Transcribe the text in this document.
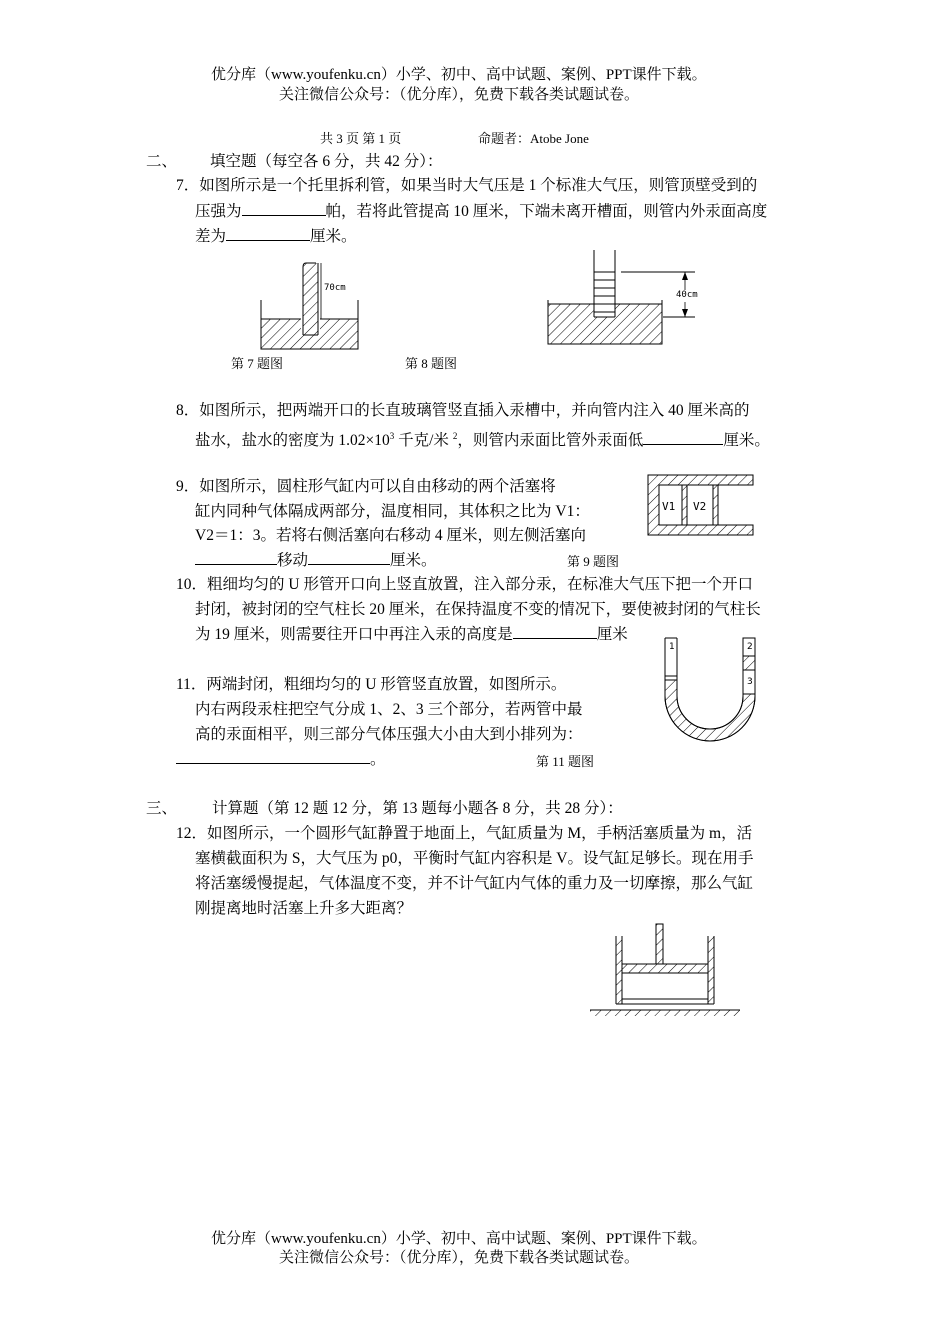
优分库（www.youfenku.cn）小学、初中、高中试题、案例、PPT课件下载。
关注微信公众号：（优分库），免费下载各类试题试卷。
共 3 页 第 1 页	命题者：Atobe Jone
二、 填空题（每空各 6 分，共 42 分）：
7．如图所示是一个托里拆利管，如果当时大气压是 1 个标准大气压，则管顶壁受到的
压强为	帕，若将此管提高 10 厘米，下端未离开槽面，则管内外汞面高度
差为	厘米。
70cm
第 7 题图
40cm
第 8 题图
8．如图所示，把两端开口的长直玻璃管竖直插入汞槽中，并向管内注入 40 厘米高的
盐水，盐水的密度为 $1.02\times 10^3$ 千克/米 $^2$，则管内汞面比管外汞面低	厘米。
9．如图所示，圆柱形气缸内可以自由移动的两个活塞将
缸内同种气体隔成两部分，温度相同，其体积之比为 V1：
V2＝1：3。若将右侧活塞向右移动 4 厘米，则左侧活塞向
移动	厘米。
V1 V2
第 9 题图
10．粗细均匀的 U 形管开口向上竖直放置，注入部分汞，在标准大气压下把一个开口
封闭，被封闭的空气柱长 20 厘米，在保持温度不变的情况下，要使被封闭的气柱长
为 19 厘米，则需要往开口中再注入汞的高度是	厘米
1	2
3
第 11 题图
11．两端封闭，粗细均匀的 U 形管竖直放置，如图所示。
内右两段汞柱把空气分成 1、2、3 三个部分，若两管中最
高的汞面相平，则三部分气体压强大小由大到小排列为：
。
三、 计算题（第 12 题 12 分，第 13 题每小题各 8 分，共 28 分）：
12．如图所示，一个圆形气缸静置于地面上，气缸质量为 M，手柄活塞质量为 m，活
塞横截面积为 S，大气压为 p0，平衡时气缸内容积是 V。设气缸足够长。现在用手
将活塞缓慢提起，气体温度不变，并不计气缸内气体的重力及一切摩擦，那么气缸
刚提离地时活塞上升多大距离？
优分库（www.youfenku.cn）小学、初中、高中试题、案例、PPT课件下载。
关注微信公众号：（优分库），免费下载各类试题试卷。
